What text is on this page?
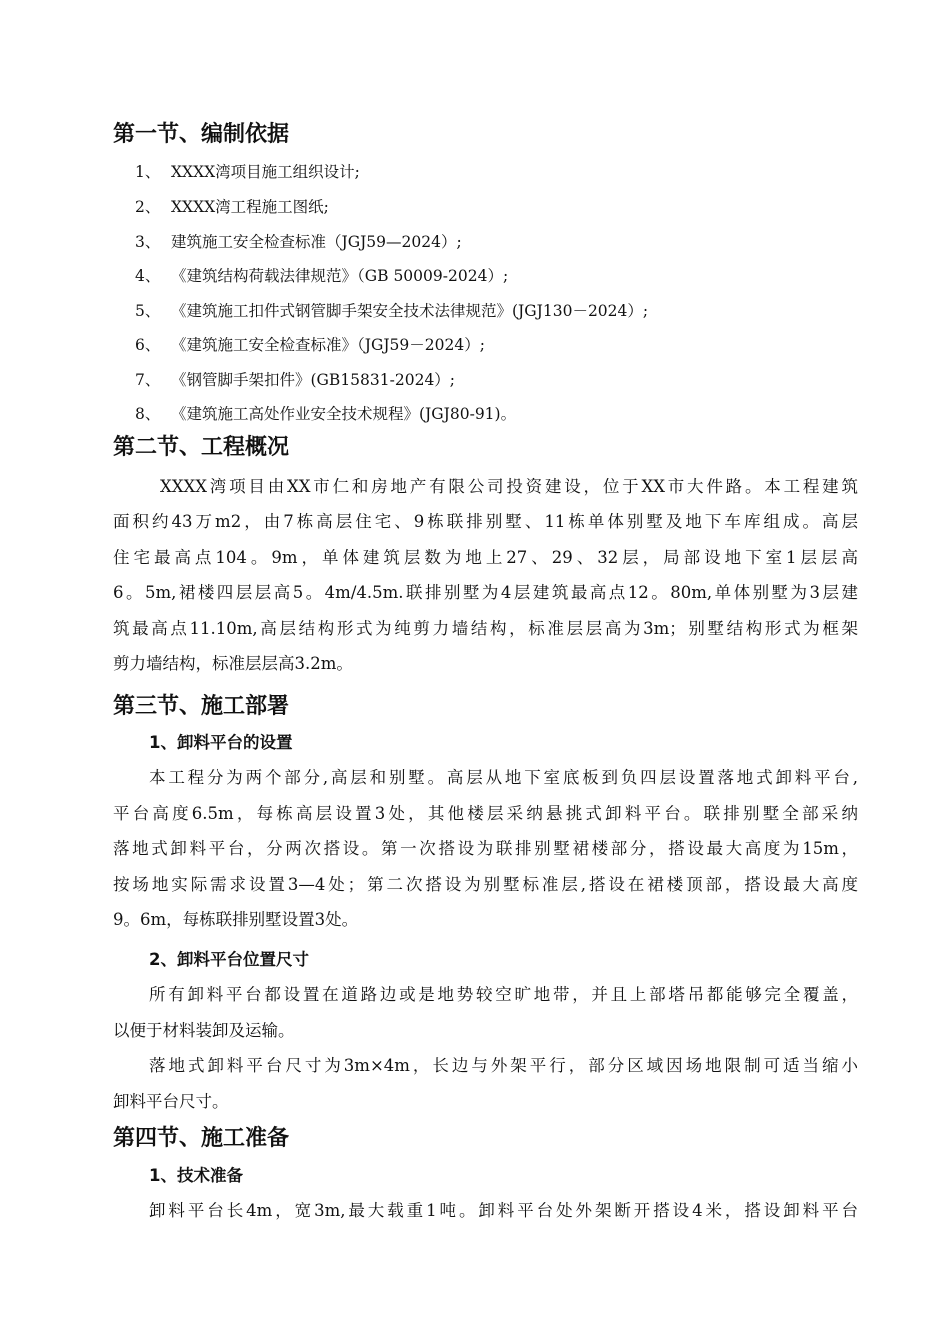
第一节、编制依据
1、 XXXX湾项目施工组织设计;
2、 XXXX湾工程施工图纸;
3、 建筑施工安全检查标准（JGJ59—2024）;
4、 《建筑结构荷载法律规范》（GB 50009-2024）;
5、 《建筑施工扣件式钢管脚手架安全技术法律规范》(JGJ130－2024）;
6、 《建筑施工安全检查标准》（JGJ59－2024）;
7、 《钢管脚手架扣件》(GB15831-2024）;
8、 《建筑施工高处作业安全技术规程》(JGJ80-91)。
第二节、工程概况
XXXX湾项目由XX市仁和房地产有限公司投资建设，位于XX市大件路。本工程建筑
面积约43万m2，由7栋高层住宅、9栋联排别墅、11栋单体别墅及地下车库组成。高层
住宅最高点104。9m，单体建筑层数为地上27、29、32层，局部设地下室1层层高
6。5m,裙楼四层层高5。4m/4.5m.联排别墅为4层建筑最高点12。80m,单体别墅为3层建
筑最高点11.10m,高层结构形式为纯剪力墙结构，标准层层高为3m；别墅结构形式为框架
剪力墙结构，标准层层高3.2m。
第三节、施工部署
1、卸料平台的设置
本工程分为两个部分,高层和别墅。高层从地下室底板到负四层设置落地式卸料平台,
平台高度6.5m，每栋高层设置3处，其他楼层采纳悬挑式卸料平台。联排别墅全部采纳
落地式卸料平台，分两次搭设。第一次搭设为联排别墅裙楼部分，搭设最大高度为15m，
按场地实际需求设置3—4处；第二次搭设为别墅标准层,搭设在裙楼顶部，搭设最大高度
9。6m，每栋联排别墅设置3处。
2、卸料平台位置尺寸
所有卸料平台都设置在道路边或是地势较空旷地带，并且上部塔吊都能够完全覆盖，
以便于材料装卸及运输。
落地式卸料平台尺寸为3m×4m，长边与外架平行，部分区域因场地限制可适当缩小
卸料平台尺寸。
第四节、施工准备
1、技术准备
卸料平台长4m，宽3m,最大载重1吨。卸料平台处外架断开搭设4米，搭设卸料平台
